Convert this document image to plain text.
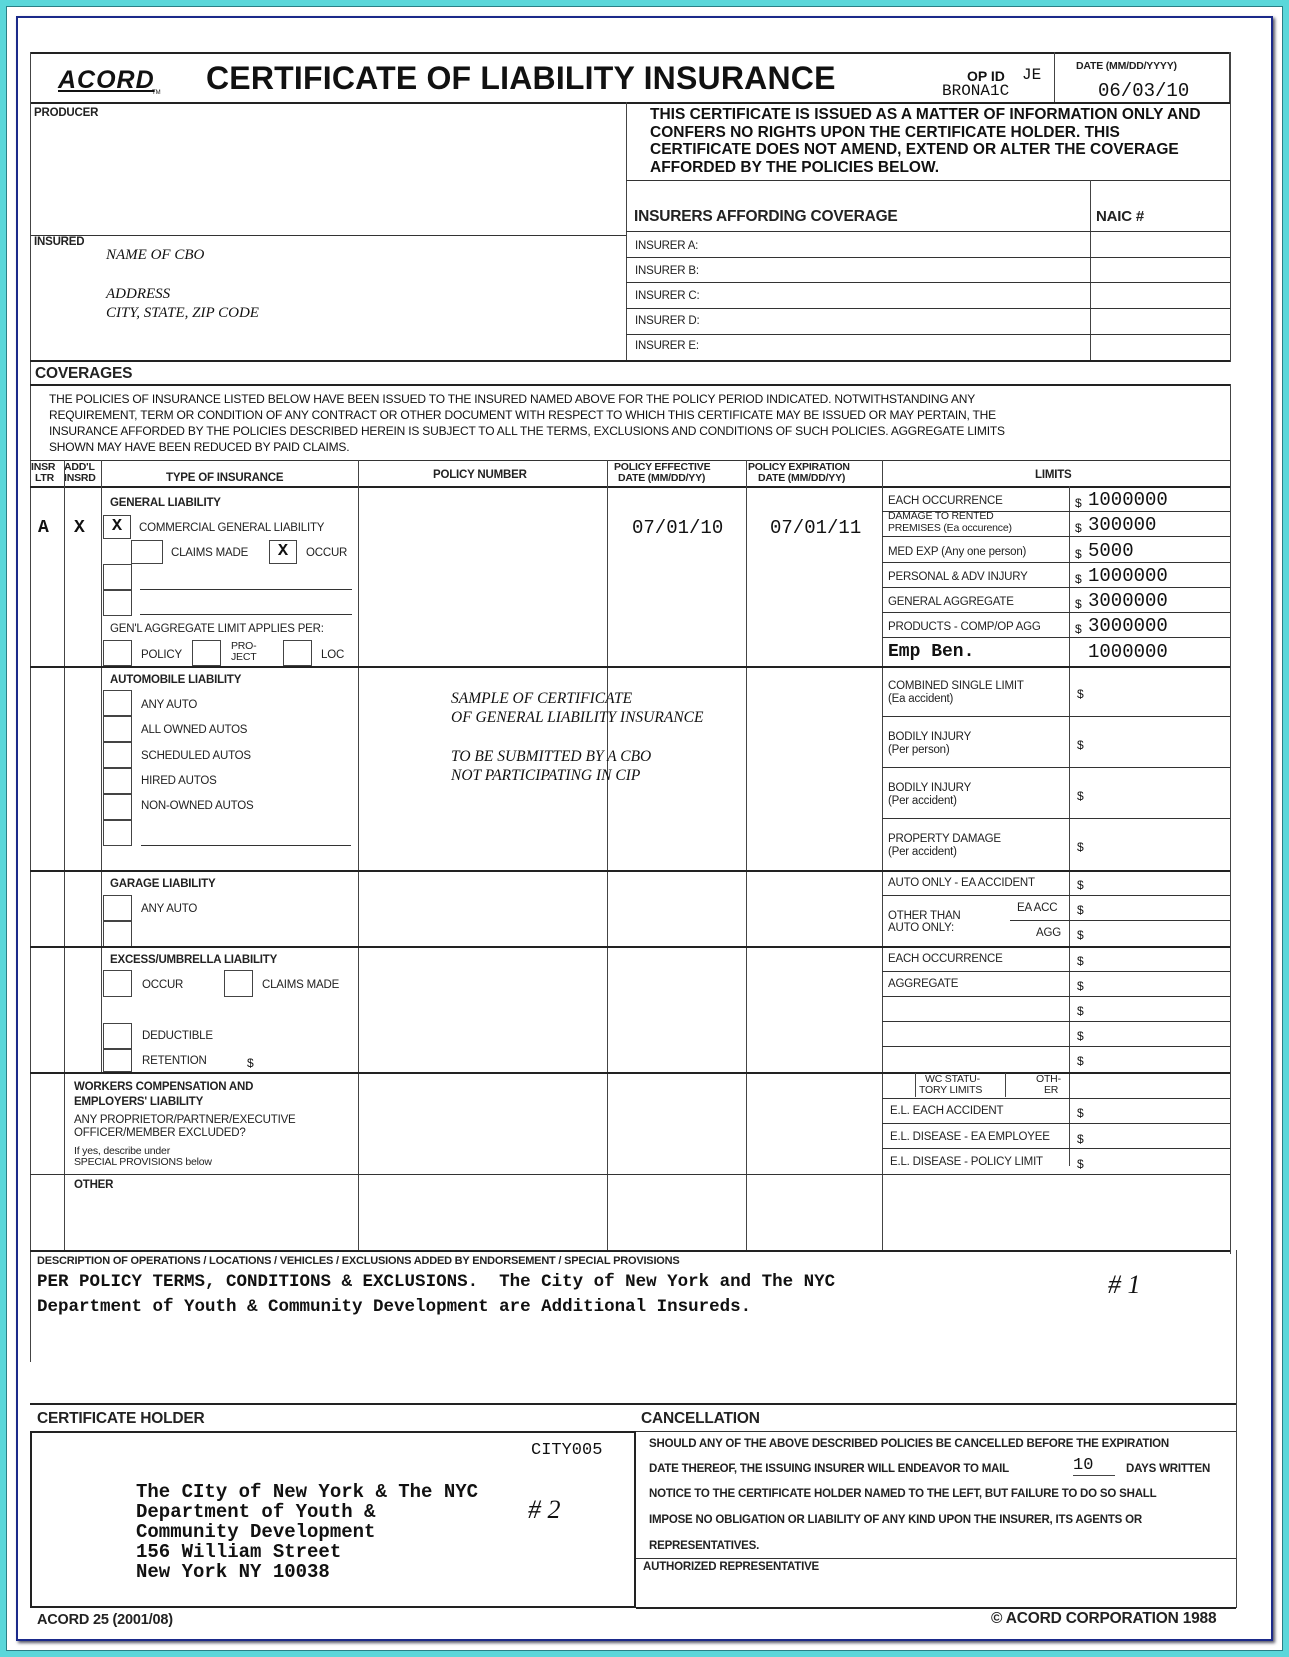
ACORD
TM CERTIFICATE OF LIABILITY INSURANCE	OP ID JE
BRONA1C
DATE (MM/DD/YYYY)
06/03/10
PRODUCER	THIS CERTIFICATE IS ISSUED AS A MATTER OF INFORMATION ONLY AND CONFERS NO RIGHTS UPON THE CERTIFICATE HOLDER. THIS CERTIFICATE DOES NOT AMEND, EXTEND OR ALTER THE COVERAGE AFFORDED BY THE POLICIES BELOW.
INSURERS AFFORDING COVERAGE	NAIC #
INSURER A:
INSURER B:
INSURER C:
INSURER D:
INSURER E:
INSURED
NAME OF CBO
ADDRESS
CITY, STATE, ZIP CODE
COVERAGES
THE POLICIES OF INSURANCE LISTED BELOW HAVE BEEN ISSUED TO THE INSURED NAMED ABOVE FOR THE POLICY PERIOD INDICATED. NOTWITHSTANDING ANY REQUIREMENT, TERM OR CONDITION OF ANY CONTRACT OR OTHER DOCUMENT WITH RESPECT TO WHICH THIS CERTIFICATE MAY BE ISSUED OR MAY PERTAIN, THE INSURANCE AFFORDED BY THE POLICIES DESCRIBED HEREIN IS SUBJECT TO ALL THE TERMS, EXCLUSIONS AND CONDITIONS OF SUCH POLICIES. AGGREGATE LIMITS SHOWN MAY HAVE BEEN REDUCED BY PAID CLAIMS.
INSR
LTR
ADD'L
INSRD	TYPE OF INSURANCE	POLICY NUMBER
POLICY EFFECTIVE
DATE (MM/DD/YY)
POLICY EXPIRATION
DATE (MM/DD/YY)	LIMITS
GENERAL LIABILITY
A X	X	COMMERCIAL GENERAL LIABILITY
CLAIMS MADE	X	OCCUR
GEN'L AGGREGATE LIMIT APPLIES PER:
POLICY
PRO-
JECT	LOC
07/01/10 07/01/11
EACH OCCURRENCE	$ 1000000
DAMAGE TO RENTED
PREMISES (Ea occurence)	$ 300000
MED EXP (Any one person)	$ 5000
PERSONAL & ADV INJURY	$ 1000000
GENERAL AGGREGATE	$ 3000000
PRODUCTS - COMP/OP AGG	$ 3000000
Emp Ben.	1000000
AUTOMOBILE LIABILITY
ANY AUTO
ALL OWNED AUTOS
SCHEDULED AUTOS
HIRED AUTOS
NON-OWNED AUTOS
SAMPLE OF CERTIFICATE
OF GENERAL LIABILITY INSURANCE
TO BE SUBMITTED BY A CBO
NOT PARTICIPATING IN CIP
COMBINED SINGLE LIMIT
(Ea accident)	$
BODILY INJURY
(Per person)	$
BODILY INJURY
(Per accident)	$
PROPERTY DAMAGE
(Per accident)	$
GARAGE LIABILITY
ANY AUTO
AUTO ONLY - EA ACCIDENT	$
OTHER THAN
AUTO ONLY:
EA ACC $
AGG $
EXCESS/UMBRELLA LIABILITY
OCCUR	CLAIMS MADE
DEDUCTIBLE
RETENTION	$
EACH OCCURRENCE	$
AGGREGATE	$
$
$
$
WORKERS COMPENSATION AND
EMPLOYERS' LIABILITY
ANY PROPRIETOR/PARTNER/EXECUTIVE
OFFICER/MEMBER EXCLUDED?
If yes, describe under
SPECIAL PROVISIONS below
WC STATU-
TORY LIMITS
OTH-
ER
E.L. EACH ACCIDENT	$
E.L. DISEASE - EA EMPLOYEE $
E.L. DISEASE - POLICY LIMIT	$
OTHER
DESCRIPTION OF OPERATIONS / LOCATIONS / VEHICLES / EXCLUSIONS ADDED BY ENDORSEMENT / SPECIAL PROVISIONS
PER POLICY TERMS, CONDITIONS & EXCLUSIONS.  The City of New York and The NYC
Department of Youth & Community Development are Additional Insureds.
# 1
CERTIFICATE HOLDER
CITY005
The CIty of New York & The NYC
Department of Youth &
Community Development
156 William Street
New York NY 10038
# 2
CANCELLATION
SHOULD ANY OF THE ABOVE DESCRIBED POLICIES BE CANCELLED BEFORE THE EXPIRATION
DATE THEREOF, THE ISSUING INSURER WILL ENDEAVOR TO MAIL	10	DAYS WRITTEN
NOTICE TO THE CERTIFICATE HOLDER NAMED TO THE LEFT, BUT FAILURE TO DO SO SHALL
IMPOSE NO OBLIGATION OR LIABILITY OF ANY KIND UPON THE INSURER, ITS AGENTS OR
REPRESENTATIVES.
AUTHORIZED REPRESENTATIVE
ACORD 25 (2001/08)	© ACORD CORPORATION 1988
